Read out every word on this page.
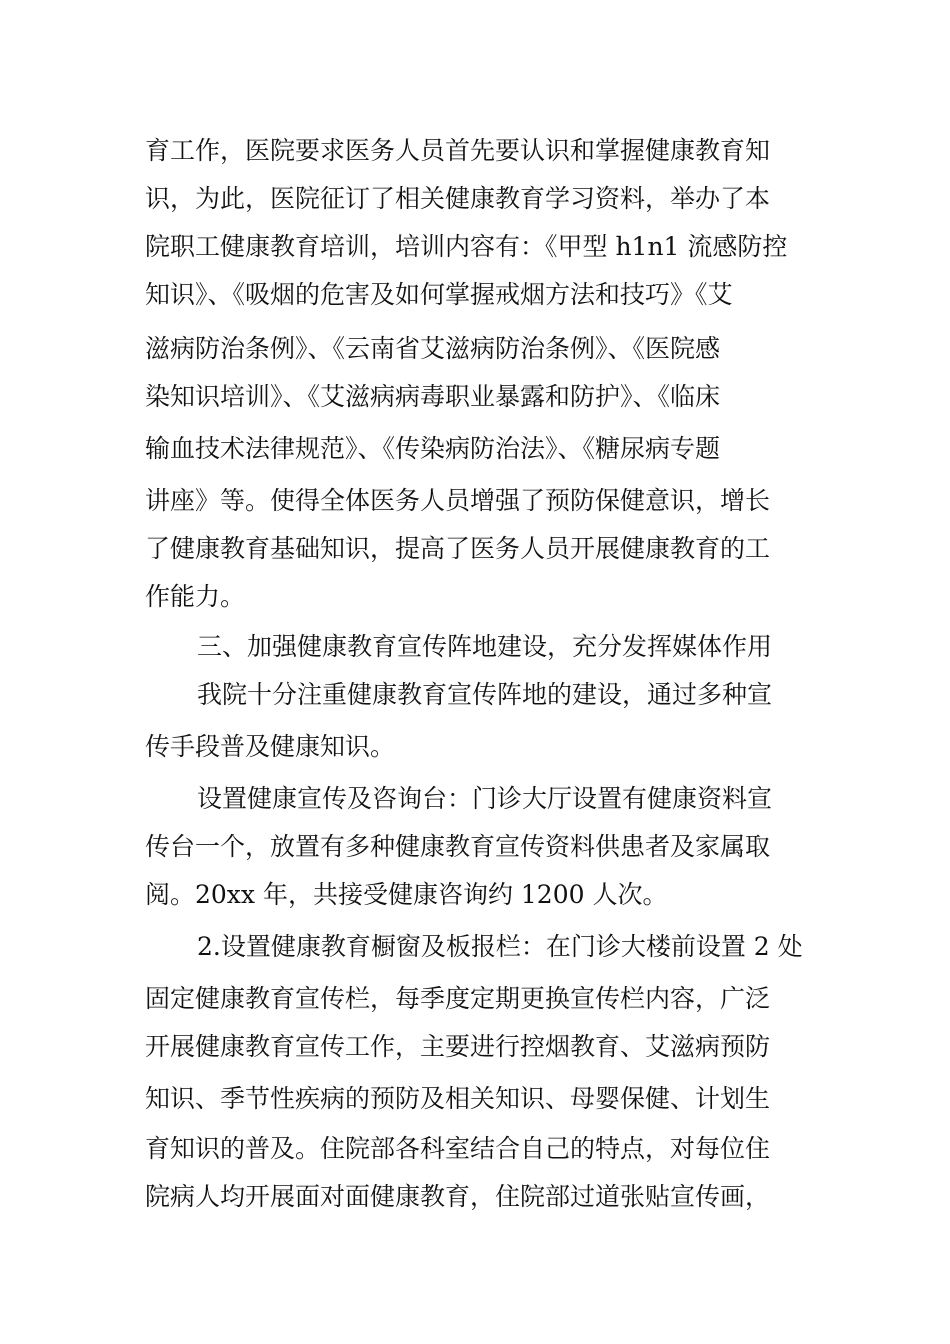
育工作，医院要求医务人员首先要认识和掌握健康教育知
识，为此，医院征订了相关健康教育学习资料，举办了本
院职工健康教育培训，培训内容有：《甲型 h1n1 流感防控
知识》、《吸烟的危害及如何掌握戒烟方法和技巧》《艾
滋病防治条例》、《云南省艾滋病防治条例》、《医院感
染知识培训》、《艾滋病病毒职业暴露和防护》、《临床
输血技术法律规范》、《传染病防治法》、《糖尿病专题
讲座》等。使得全体医务人员增强了预防保健意识，增长
了健康教育基础知识，提高了医务人员开展健康教育的工
作能力。
三、加强健康教育宣传阵地建设，充分发挥媒体作用
我院十分注重健康教育宣传阵地的建设，通过多种宣
传手段普及健康知识。
设置健康宣传及咨询台：门诊大厅设置有健康资料宣
传台一个，放置有多种健康教育宣传资料供患者及家属取
阅。20xx 年，共接受健康咨询约 1200 人次。
2.设置健康教育橱窗及板报栏：在门诊大楼前设置 2 处
固定健康教育宣传栏，每季度定期更换宣传栏内容，广泛
开展健康教育宣传工作，主要进行控烟教育、艾滋病预防
知识、季节性疾病的预防及相关知识、母婴保健、计划生
育知识的普及。住院部各科室结合自己的特点，对每位住
院病人均开展面对面健康教育，住院部过道张贴宣传画，
